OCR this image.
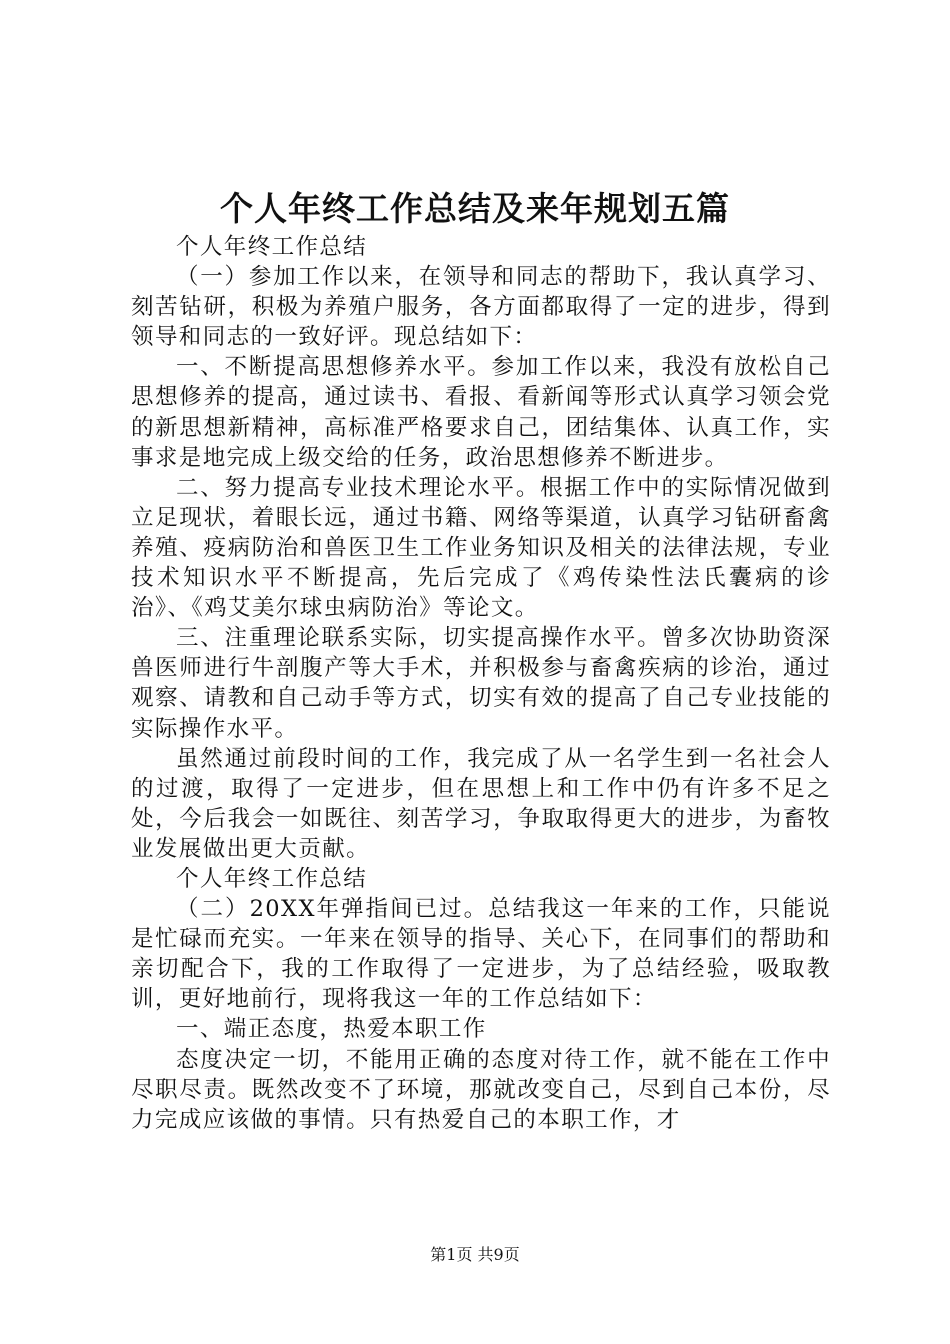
个人年终工作总结及来年规划五篇

个人年终工作总结

（一）参加工作以来，在领导和同志的帮助下，我认真学习、刻苦钻研，积极为养殖户服务，各方面都取得了一定的进步，得到领导和同志的一致好评。现总结如下：

一、不断提高思想修养水平。参加工作以来，我没有放松自己思想修养的提高，通过读书、看报、看新闻等形式认真学习领会党的新思想新精神，高标准严格要求自己，团结集体、认真工作，实事求是地完成上级交给的任务，政治思想修养不断进步。

二、努力提高专业技术理论水平。根据工作中的实际情况做到立足现状，着眼长远，通过书籍、网络等渠道，认真学习钻研畜禽养殖、疫病防治和兽医卫生工作业务知识及相关的法律法规，专业技术知识水平不断提高，先后完成了《鸡传染性法氏囊病的诊治》、《鸡艾美尔球虫病防治》等论文。

三、注重理论联系实际，切实提高操作水平。曾多次协助资深兽医师进行牛剖腹产等大手术，并积极参与畜禽疾病的诊治，通过观察、请教和自己动手等方式，切实有效的提高了自己专业技能的实际操作水平。

虽然通过前段时间的工作，我完成了从一名学生到一名社会人的过渡，取得了一定进步，但在思想上和工作中仍有许多不足之处，今后我会一如既往、刻苦学习，争取取得更大的进步，为畜牧业发展做出更大贡献。

个人年终工作总结

（二）20XX年弹指间已过。总结我这一年来的工作，只能说是忙碌而充实。一年来在领导的指导、关心下，在同事们的帮助和亲切配合下，我的工作取得了一定进步，为了总结经验，吸取教训，更好地前行，现将我这一年的工作总结如下：

一、端正态度，热爱本职工作

态度决定一切，不能用正确的态度对待工作，就不能在工作中尽职尽责。既然改变不了环境，那就改变自己，尽到自己本份，尽力完成应该做的事情。只有热爱自己的本职工作，才

第1页 共9页
